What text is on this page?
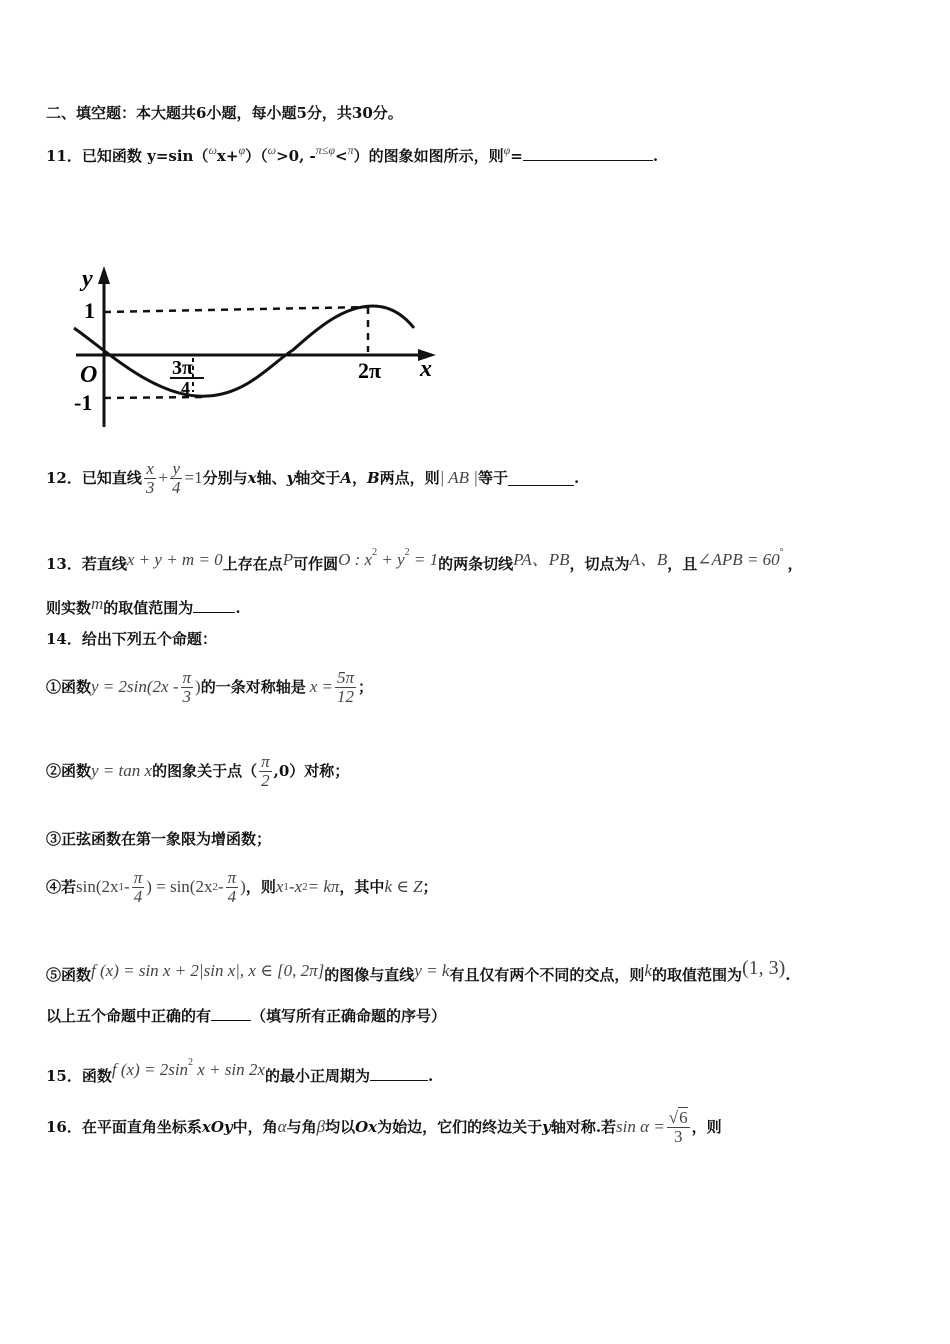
二、填空题：本大题共6小题，每小题5分，共30分。
11．已知函数 y=sin（$^\omega$x+$^\varphi$）（$^\omega$>0, -$^{\pi\le\varphi}$<$^\pi$）的图象如图所示，则$^\varphi$=	.
y
x
O
1
-1
3π
4
2π
12． 已知直线 $\frac{x}{3} + \frac{y}{4} =1$ 分别与 x 轴、 y 轴交于 A ， B 两点，则 | AB | 等于	.
13．若直线x + y + m = 0上存在点P可作圆O : $x^2 + y^2 = 1$的两条切线PA、PB，切点为A、B，且∠APB = 60°，
则实数m的取值范围为	.
14．给出下列五个命题：
①函数 $y = 2\sin(2x - \frac{\pi}{3}$ ) 的一条对称轴是 $x = \frac{5\pi}{12}$ ；
②函数 y = tan x 的图象关于点（ $\frac{\pi}{2} ,0$）对称；
③正弦函数在第一象限为增函数；
④若 sin(2x $1 - \frac{\pi}{4}$ ) = sin(2x $2 - \frac{\pi}{4}$ ) ，则 x 1 - x 2 = kπ ，其中 k ∈ Z ；
⑤函数f (x) = sin x + 2|sin x|, x ∈ [0, 2π]的图像与直线y = k有且仅有两个不同的交点，则k的取值范围为(1, 3).
以上五个命题中正确的有	（填写所有正确命题的序号）
15．函数f $(x) = 2\sin^2$ x + sin 2x的最小正周期为	.
16． 在平面直角坐标系 xOy 中，角 α 与角 β 均以 Ox 为始边，它们的终边关于 y 轴对称.若 $\sin \alpha = \frac{√6}{3}$ ，则
